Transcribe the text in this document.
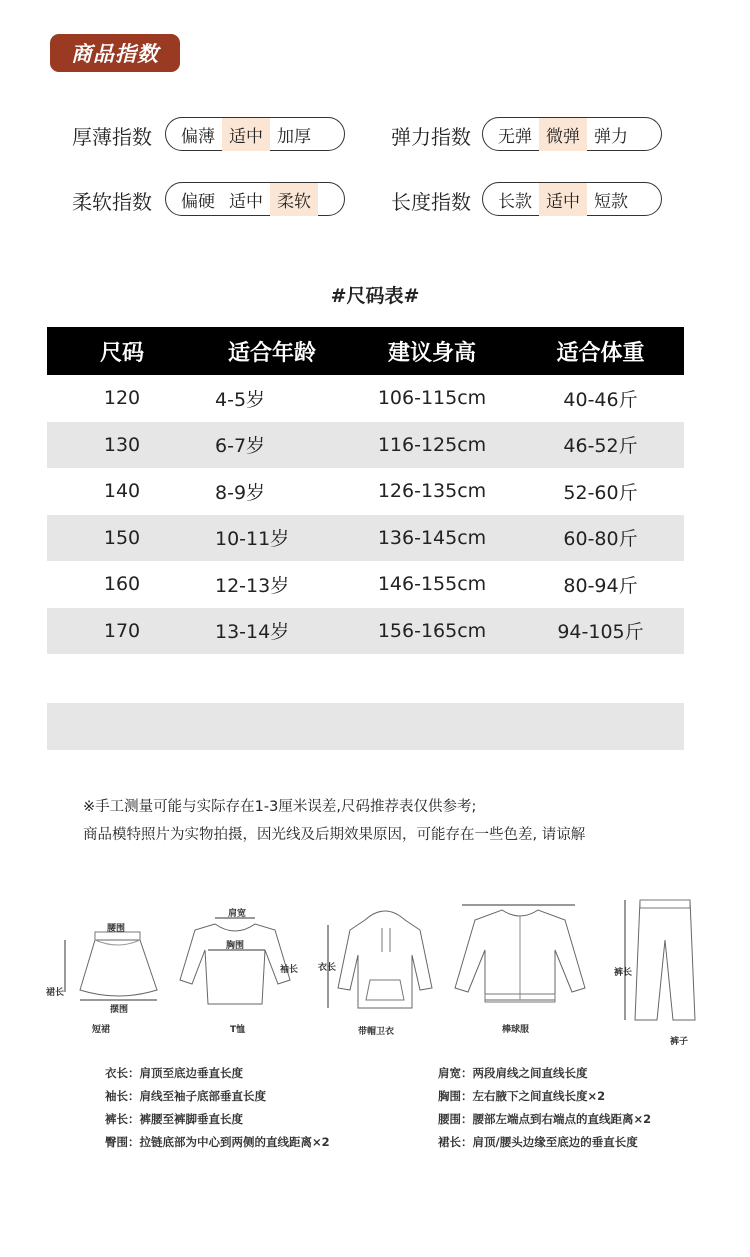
商品指数
厚薄指数	偏薄 适中 加厚	弹力指数	无弹 微弹 弹力
柔软指数	偏硬 适中 柔软	长度指数	长款 适中 短款
#尺码表#
尺码	适合年龄	建议身高	适合体重
120	4-5岁	106-115cm	40-46斤
130	6-7岁	116-125cm	46-52斤
140	8-9岁	126-135cm	52-60斤
150	10-11岁	136-145cm	60-80斤
160	12-13岁	146-155cm	80-94斤
170	13-14岁	156-165cm	94-105斤
※手工测量可能与实际存在1-3厘米误差,尺码推荐表仅供参考;
商品模特照片为实物拍摄，因光线及后期效果原因，可能存在一些色差, 请谅解
短裙	T恤	带帽卫衣	棒球服
裤子
腰围
摆围
裙长
肩宽
胸围
衣长
袖长	裤长
衣长：肩顶至底边垂直长度
袖长：肩线至袖子底部垂直长度
裤长：裤腰至裤脚垂直长度
臀围：拉链底部为中心到两侧的直线距离×2
肩宽：两段肩线之间直线长度
胸围：左右腋下之间直线长度×2
腰围：腰部左端点到右端点的直线距离×2
裙长：肩顶/腰头边缘至底边的垂直长度
